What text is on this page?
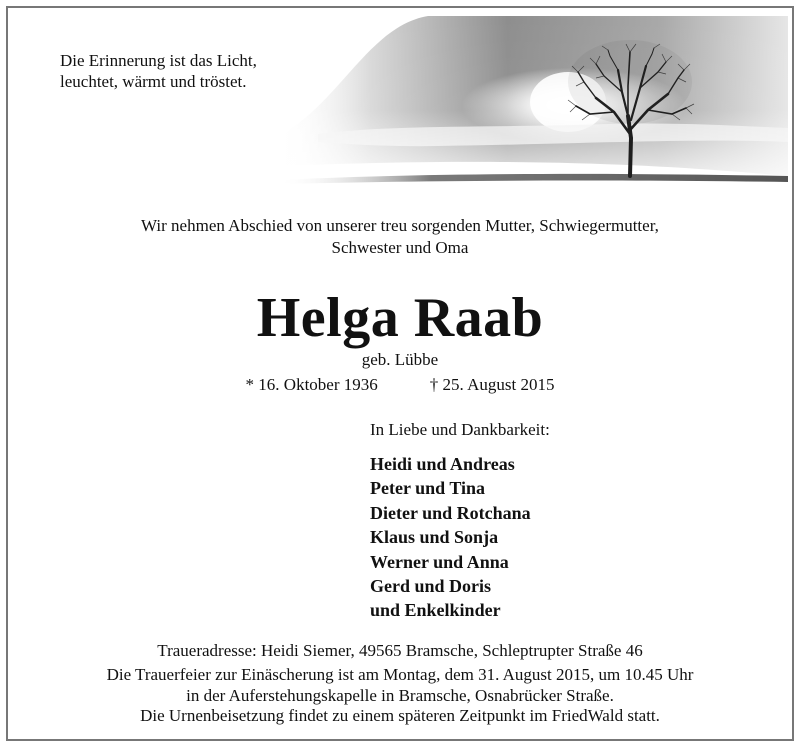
Die Erinnerung ist das Licht,
leuchtet, wärmt und tröstet.
Wir nehmen Abschied von unserer treu sorgenden Mutter, Schwiegermutter,
Schwester und Oma
Helga Raab
geb. Lübbe
* 16. Oktober 1936	† 25. August 2015
In Liebe und Dankbarkeit:
Heidi und Andreas
Peter und Tina
Dieter und Rotchana
Klaus und Sonja
Werner und Anna
Gerd und Doris
und Enkelkinder
Traueradresse: Heidi Siemer, 49565 Bramsche, Schleptrupter Straße 46
Die Trauerfeier zur Einäscherung ist am Montag, dem 31. August 2015, um 10.45 Uhr
in der Auferstehungskapelle in Bramsche, Osnabrücker Straße.
Die Urnenbeisetzung findet zu einem späteren Zeitpunkt im FriedWald statt.
